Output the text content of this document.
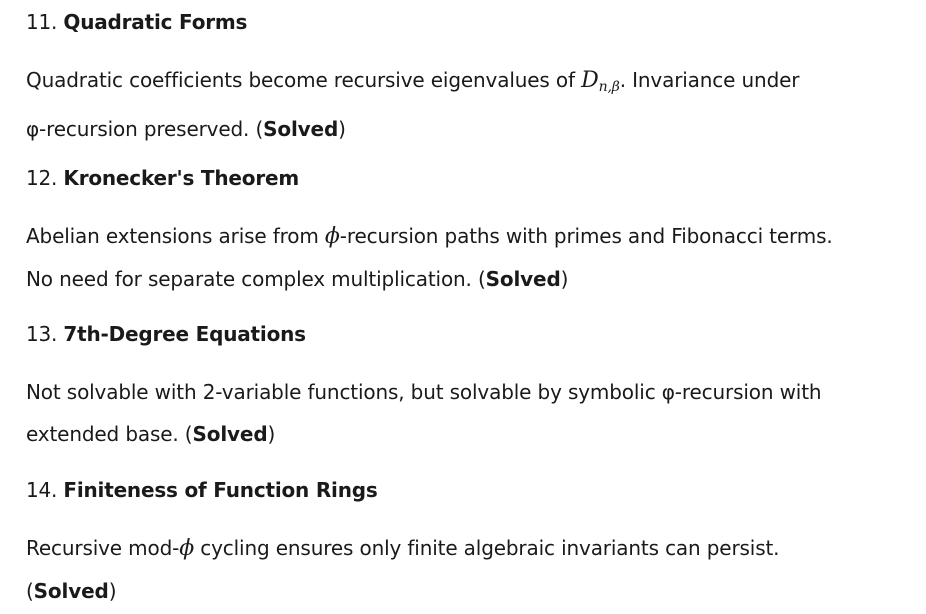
11. Quadratic Forms

Quadratic coefficients become recursive eigenvalues of $D_{n,\beta}$. Invariance under
φ-recursion preserved. (Solved)

12. Kronecker's Theorem

Abelian extensions arise from ϕ-recursion paths with primes and Fibonacci terms.
No need for separate complex multiplication. (Solved)

13. 7th-Degree Equations

Not solvable with 2-variable functions, but solvable by symbolic φ-recursion with
extended base. (Solved)

14. Finiteness of Function Rings

Recursive mod-ϕ cycling ensures only finite algebraic invariants can persist.
(Solved)
